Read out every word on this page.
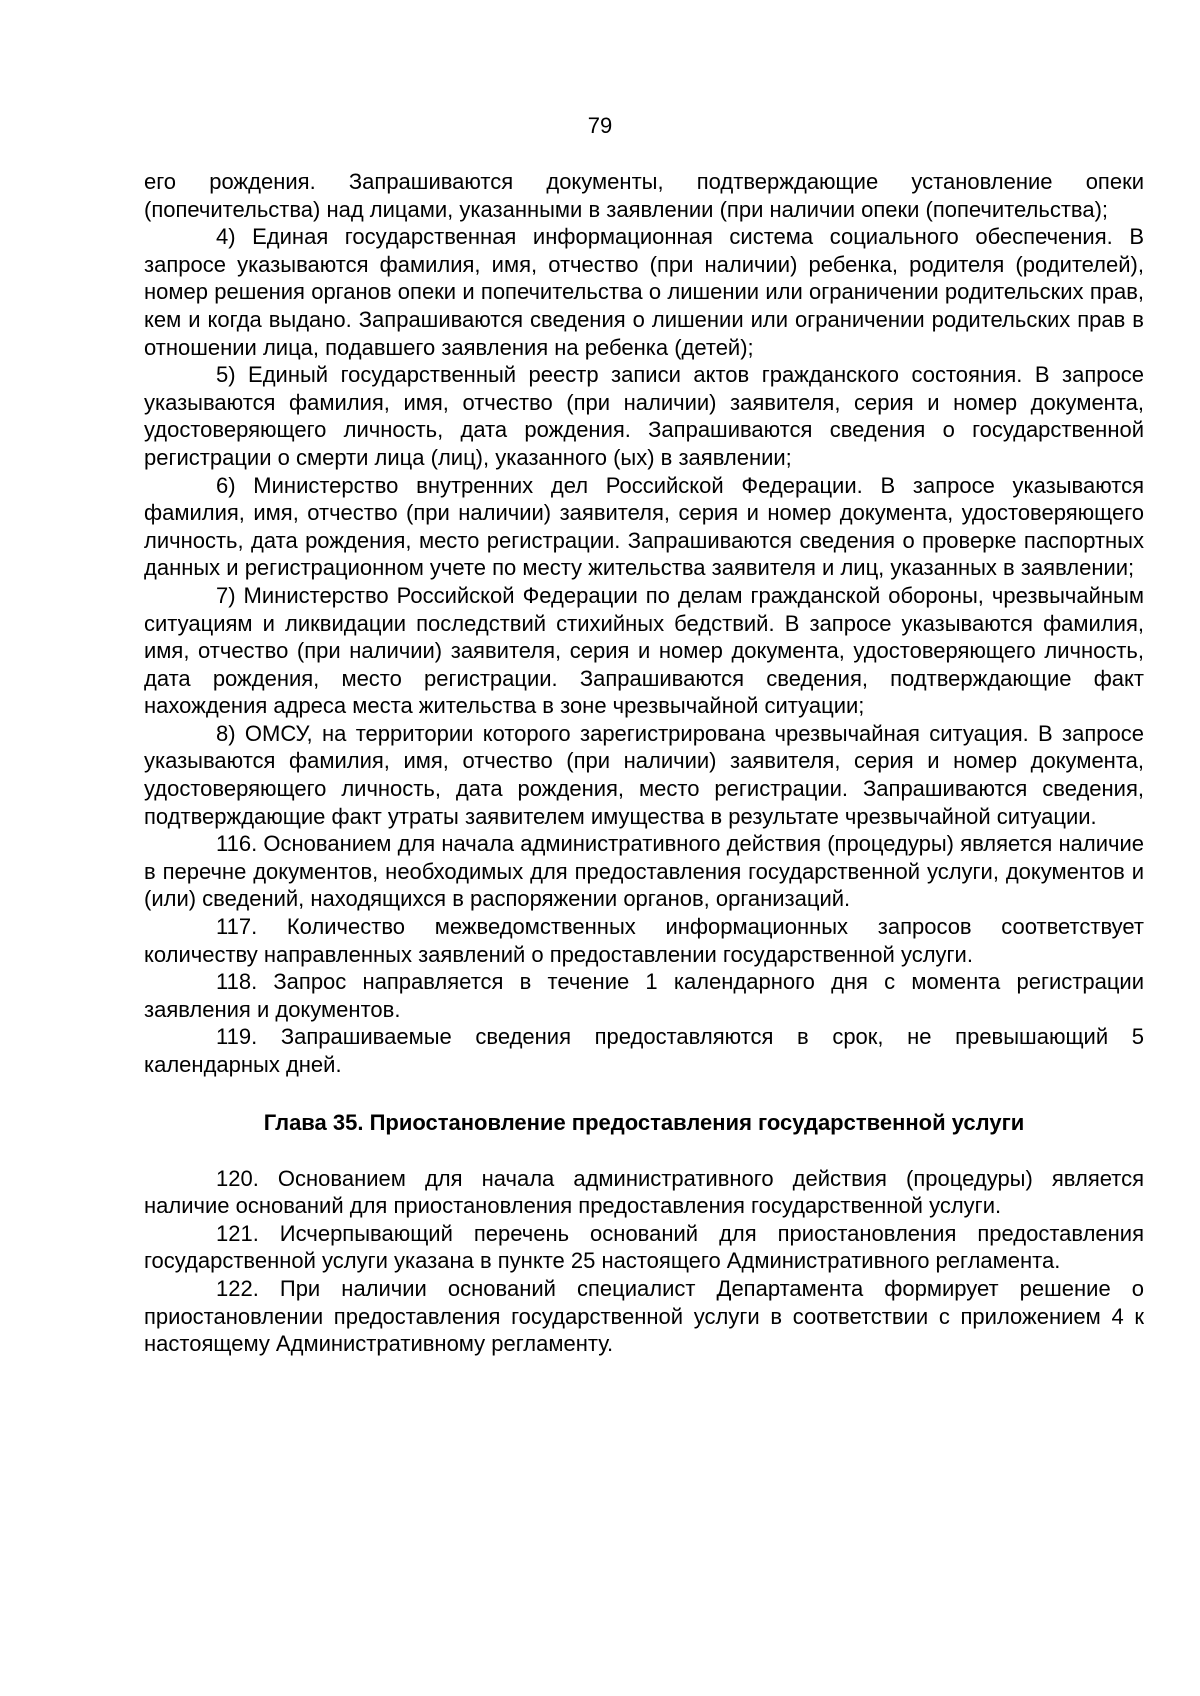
79

его рождения. Запрашиваются документы, подтверждающие установление опеки (попечительства) над лицами, указанными в заявлении (при наличии опеки (попечительства);

4) Единая государственная информационная система социального обеспечения. В запросе указываются фамилия, имя, отчество (при наличии) ребенка, родителя (родителей), номер решения органов опеки и попечительства о лишении или ограничении родительских прав, кем и когда выдано. Запрашиваются сведения о лишении или ограничении родительских прав в отношении лица, подавшего заявления на ребенка (детей);

5) Единый государственный реестр записи актов гражданского состояния. В запросе указываются фамилия, имя, отчество (при наличии) заявителя, серия и номер документа, удостоверяющего личность, дата рождения. Запрашиваются сведения о государственной регистрации о смерти лица (лиц), указанного (ых) в заявлении;

6) Министерство внутренних дел Российской Федерации. В запросе указываются фамилия, имя, отчество (при наличии) заявителя, серия и номер документа, удостоверяющего личность, дата рождения, место регистрации. Запрашиваются сведения о проверке паспортных данных и регистрационном учете по месту жительства заявителя и лиц, указанных в заявлении;

7) Министерство Российской Федерации по делам гражданской обороны, чрезвычайным ситуациям и ликвидации последствий стихийных бедствий. В запросе указываются фамилия, имя, отчество (при наличии) заявителя, серия и номер документа, удостоверяющего личность, дата рождения, место регистрации. Запрашиваются сведения, подтверждающие факт нахождения адреса места жительства в зоне чрезвычайной ситуации;

8) ОМСУ, на территории которого зарегистрирована чрезвычайная ситуация. В запросе указываются фамилия, имя, отчество (при наличии) заявителя, серия и номер документа, удостоверяющего личность, дата рождения, место регистрации. Запрашиваются сведения, подтверждающие факт утраты заявителем имущества в результате чрезвычайной ситуации.

116. Основанием для начала административного действия (процедуры) является наличие в перечне документов, необходимых для предоставления государственной услуги, документов и (или) сведений, находящихся в распоряжении органов, организаций.

117. Количество межведомственных информационных запросов соответствует количеству направленных заявлений о предоставлении государственной услуги.

118. Запрос направляется в течение 1 календарного дня с момента регистрации заявления и документов.

119. Запрашиваемые сведения предоставляются в срок, не превышающий 5 календарных дней.

Глава 35. Приостановление предоставления государственной услуги

120. Основанием для начала административного действия (процедуры) является наличие оснований для приостановления предоставления государственной услуги.

121. Исчерпывающий перечень оснований для приостановления предоставления государственной услуги указана в пункте 25 настоящего Административного регламента.

122. При наличии оснований специалист Департамента формирует решение о приостановлении предоставления государственной услуги в соответствии с приложением 4 к настоящему Административному регламенту.
